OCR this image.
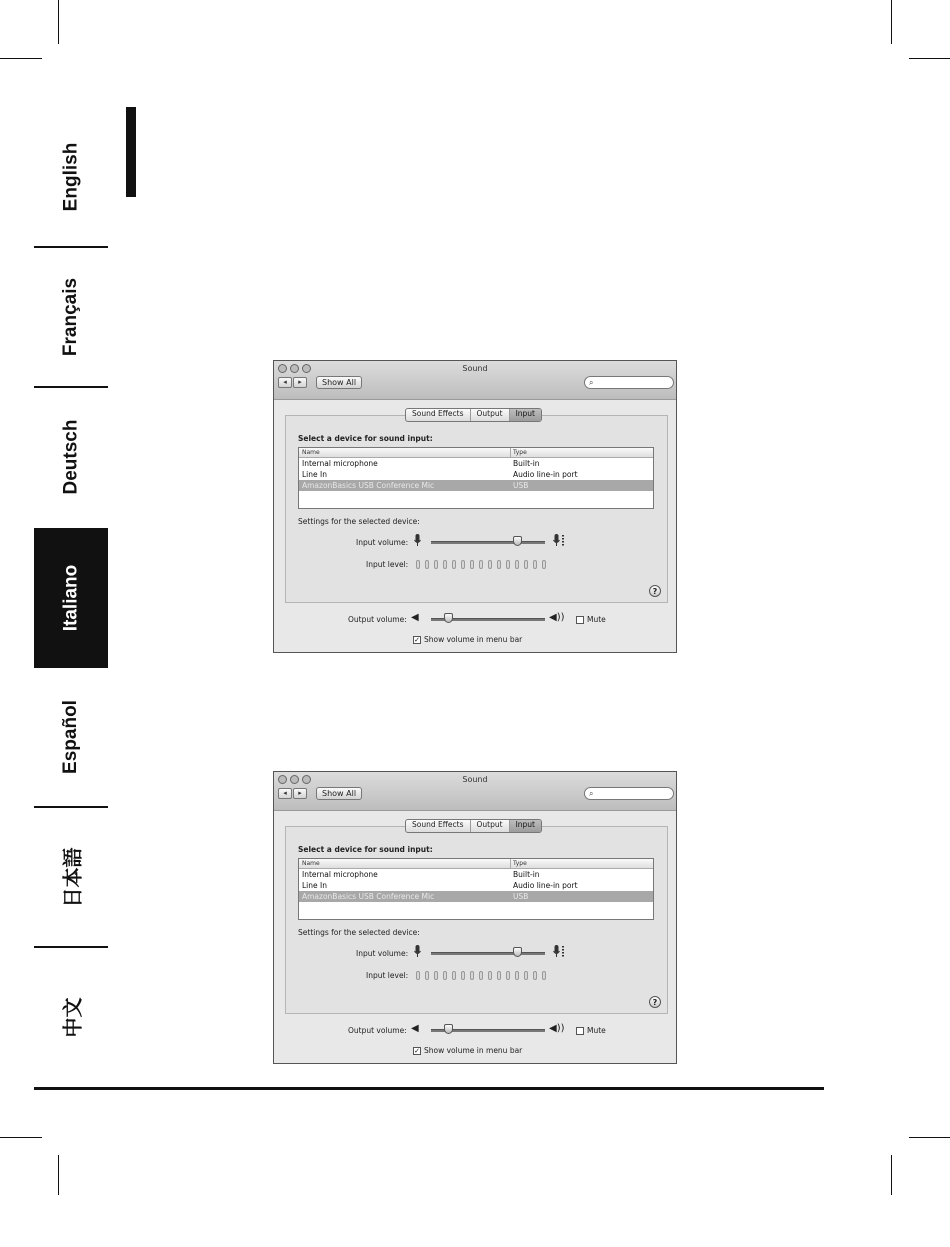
English
Français
Deutsch
Italiano
Español
日本語
中文
Sound
◂	▸	Show All	⌕
Sound Effects	Output	Input
Select a device for sound input:
Name	Type
Internal microphone	Built-in
Line In	Audio line-in port
AmazonBasics USB Conference Mic	USB
Settings for the selected device:
Input volume:
Input level:
?
Output volume: ◀	◀))	Mute
✓ Show volume in menu bar
Sound
◂	▸	Show All	⌕
Sound Effects	Output	Input
Select a device for sound input:
Name	Type
Internal microphone	Built-in
Line In	Audio line-in port
AmazonBasics USB Conference Mic	USB
Settings for the selected device:
Input volume:
Input level:
?
Output volume: ◀	◀))	Mute
✓ Show volume in menu bar
